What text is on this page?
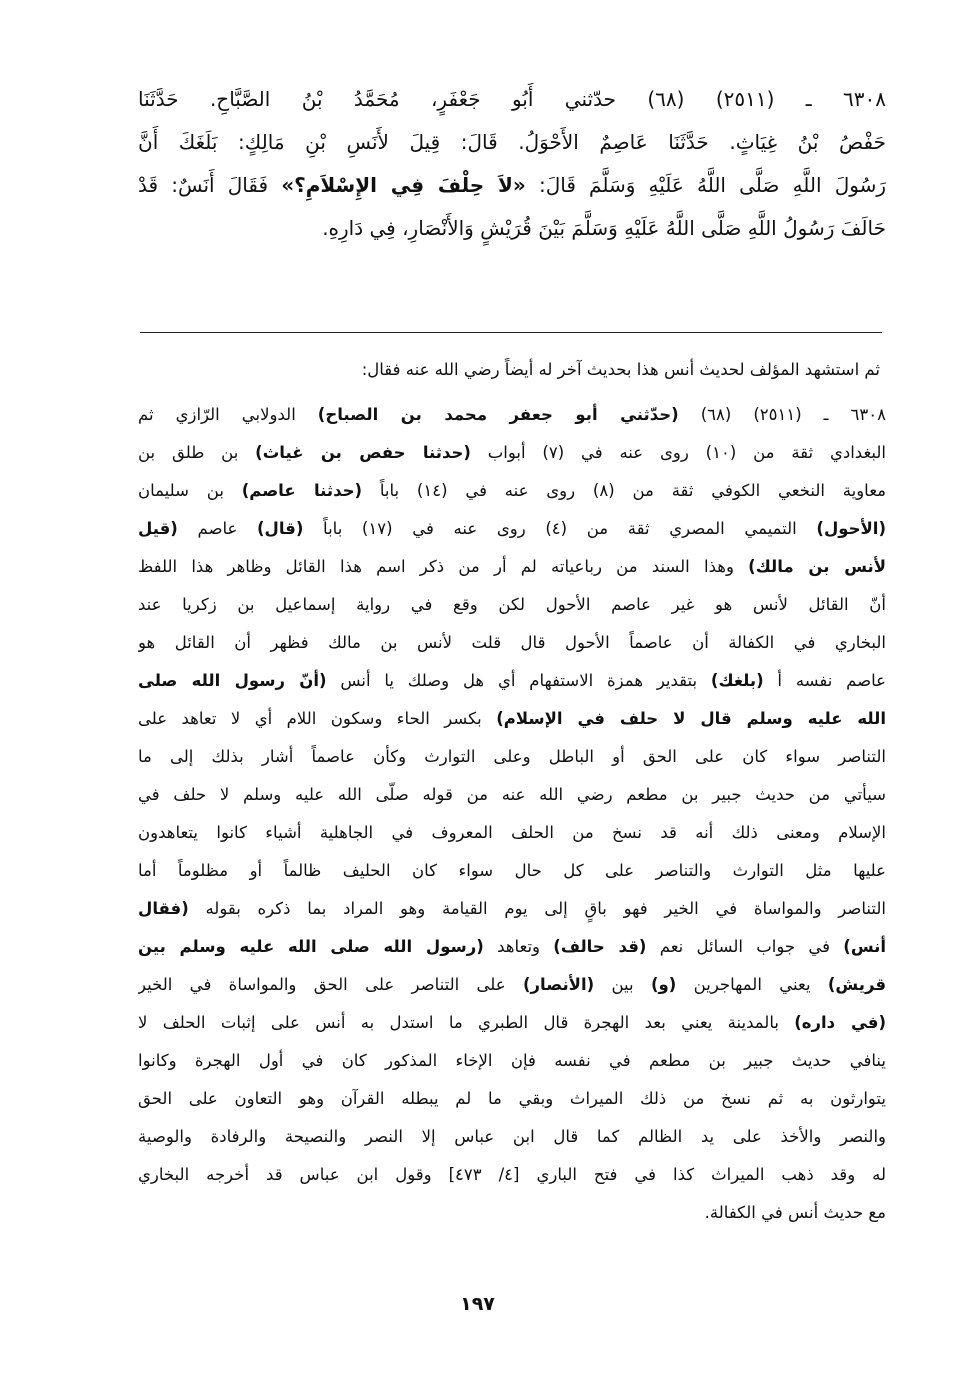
٦٣٠٨ ـ (٢٥١١) (٦٨) حدّثني أَبُو جَعْفَرٍ، مُحَمَّدُ بْنُ الصَّبَّاحِ. حَدَّثَنَا
حَفْصُ بْنُ غِيَاثٍ. حَدَّثَنَا عَاصِمٌ الأَحْوَلُ. قَالَ: قِيلَ لأَنَسِ بْنِ مَالِكٍ: بَلَغَكَ أَنَّ
رَسُولَ اللَّهِ صَلَّى اللَّهُ عَلَيْهِ وَسَلَّمَ قَالَ: «لاَ حِلْفَ فِي الإِسْلاَمِ؟» فَقَالَ أَنَسٌ: قَدْ
حَالَفَ رَسُولُ اللَّهِ صَلَّى اللَّهُ عَلَيْهِ وَسَلَّمَ بَيْنَ قُرَيْشٍ وَالأَنْصَارِ، فِي دَارِهِ.
ثم استشهد المؤلف لحديث أنس هذا بحديث آخر له أيضاً رضي الله عنه فقال:
٦٣٠٨ ـ (٢٥١١) (٦٨) (حدّثني أبو جعفر محمد بن الصباح) الدولابي الرّازي ثم
البغدادي ثقة من (١٠) روى عنه في (٧) أبواب (حدثنا حفص بن غياث) بن طلق بن
معاوية النخعي الكوفي ثقة من (٨) روى عنه في (١٤) باباً (حدثنا عاصم) بن سليمان
(الأحول) التميمي المصري ثقة من (٤) روى عنه في (١٧) باباً (قال) عاصم (قيل
لأنس بن مالك) وهذا السند من رباعياته لم أر من ذكر اسم هذا القائل وظاهر هذا اللفظ
أنّ القائل لأنس هو غير عاصم الأحول لكن وقع في رواية إسماعيل بن زكريا عند
البخاري في الكفالة أن عاصماً الأحول قال قلت لأنس بن مالك فظهر أن القائل هو
عاصم نفسه أ (بلغك) بتقدير همزة الاستفهام أي هل وصلك يا أنس (أنّ رسول الله صلى
الله عليه وسلم قال لا حلف في الإسلام) بكسر الحاء وسكون اللام أي لا تعاهد على
التناصر سواء كان على الحق أو الباطل وعلى التوارث وكأن عاصماً أشار بذلك إلى ما
سيأتي من حديث جبير بن مطعم رضي الله عنه من قوله صلّى الله عليه وسلم لا حلف في
الإسلام ومعنى ذلك أنه قد نسخ من الحلف المعروف في الجاهلية أشياء كانوا يتعاهدون
عليها مثل التوارث والتناصر على كل حال سواء كان الحليف ظالماً أو مظلوماً أما
التناصر والمواساة في الخير فهو باقٍ إلى يوم القيامة وهو المراد بما ذكره بقوله (فقال
أنس) في جواب السائل نعم (قد حالف) وتعاهد (رسول الله صلى الله عليه وسلم بين
قريش) يعني المهاجرين (و) بين (الأنصار) على التناصر على الحق والمواساة في الخير
(في داره) بالمدينة يعني بعد الهجرة قال الطبري ما استدل به أنس على إثبات الحلف لا
ينافي حديث جبير بن مطعم في نفسه فإن الإخاء المذكور كان في أول الهجرة وكانوا
يتوارثون به ثم نسخ من ذلك الميراث وبقي ما لم يبطله القرآن وهو التعاون على الحق
والنصر والأخذ على يد الظالم كما قال ابن عباس إلا النصر والنصيحة والرفادة والوصية
له وقد ذهب الميراث كذا في فتح الباري [٤/ ٤٧٣] وقول ابن عباس قد أخرجه البخاري
مع حديث أنس في الكفالة.
١٩٧
